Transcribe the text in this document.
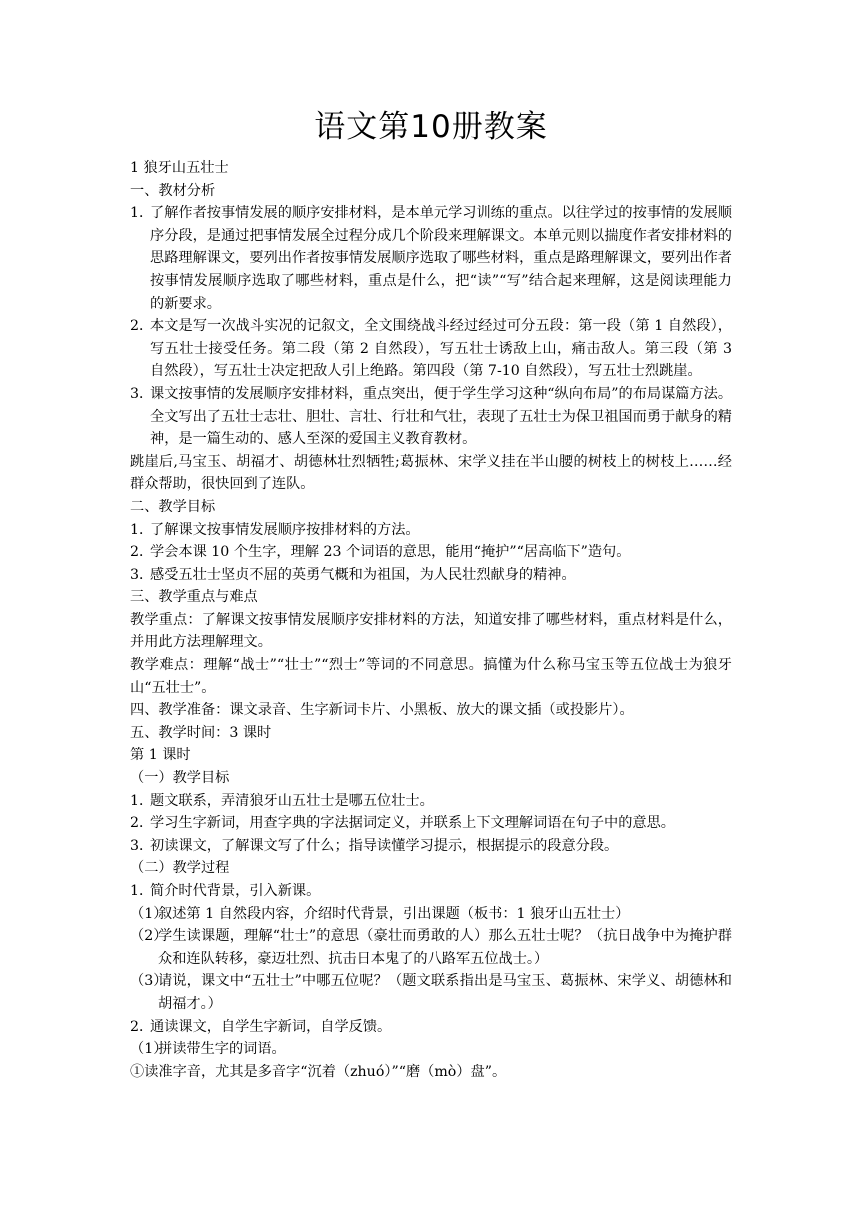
语文第10册教案

1 狼牙山五壮士

一、教材分析

1．
了解作者按事情发展的顺序安排材料，是本单元学习训练的重点。以往学过的按事情的发展顺序分段，是通过把事情发展全过程分成几个阶段来理解课文。本单元则以揣度作者安排材料的思路理解课文，要列出作者按事情发展顺序选取了哪些材料，重点是路理解课文，要列出作者按事情发展顺序选取了哪些材料，重点是什么，把“读”“写”结合起来理解，这是阅读理能力的新要求。
2．
本文是写一次战斗实况的记叙文，全文围绕战斗经过经过可分五段：第一段（第 1 自然段），写五壮士接受任务。第二段（第 2 自然段），写五壮士诱敌上山，痛击敌人。第三段（第 3 自然段），写五壮士决定把敌人引上绝路。第四段（第 7-10 自然段），写五壮士烈跳崖。
3．
课文按事情的发展顺序安排材料，重点突出，便于学生学习这种“纵向布局”的布局谋篇方法。全文写出了五壮士志壮、胆壮、言壮、行壮和气壮，表现了五壮士为保卫祖国而勇于献身的精神，是一篇生动的、感人至深的爱国主义教育教材。

跳崖后,马宝玉、胡福才、胡德林壮烈牺牲;葛振林、宋学义挂在半山腰的树枝上的树枝上……经群众帮助，很快回到了连队。

二、教学目标

1．
了解课文按事情发展顺序按排材料的方法。
2．
学会本课 10 个生字，理解 23 个词语的意思，能用“掩护”“居高临下”造句。
3．
感受五壮士坚贞不屈的英勇气概和为祖国，为人民壮烈献身的精神。

三、教学重点与难点

教学重点：了解课文按事情发展顺序安排材料的方法，知道安排了哪些材料，重点材料是什么，并用此方法理解理文。

教学难点：理解“战士”“壮士”“烈士”等词的不同意思。搞懂为什么称马宝玉等五位战士为狼牙山“五壮士”。

四、教学准备：课文录音、生字新词卡片、小黑板、放大的课文插（或投影片）。

五、教学时间：3 课时

第 1 课时

（一）教学目标

1．
题文联系，弄清狼牙山五壮士是哪五位壮士。
2．
学习生字新词，用查字典的字法据词定义，并联系上下文理解词语在句子中的意思。
3．
初读课文，了解课文写了什么；指导读懂学习提示，根据提示的段意分段。

（二）教学过程

1．
简介时代背景，引入新课。
（1）
叙述第 1 自然段内容，介绍时代背景，引出课题（板书：1 狼牙山五壮士）
（2）
学生读课题，理解“壮士”的意思（豪壮而勇敢的人）那么五壮士呢？（抗日战争中为掩护群众和连队转移，豪迈壮烈、抗击日本鬼了的八路军五位战士。）
（3）
请说，课文中“五壮士”中哪五位呢？（题文联系指出是马宝玉、葛振林、宋学义、胡德林和胡福才。）
2．
通读课文，自学生字新词，自学反馈。
（1）
拼读带生字的词语。

①读准字音，尤其是多音字“沉着（zhuó）”“磨（mò）盘”。
